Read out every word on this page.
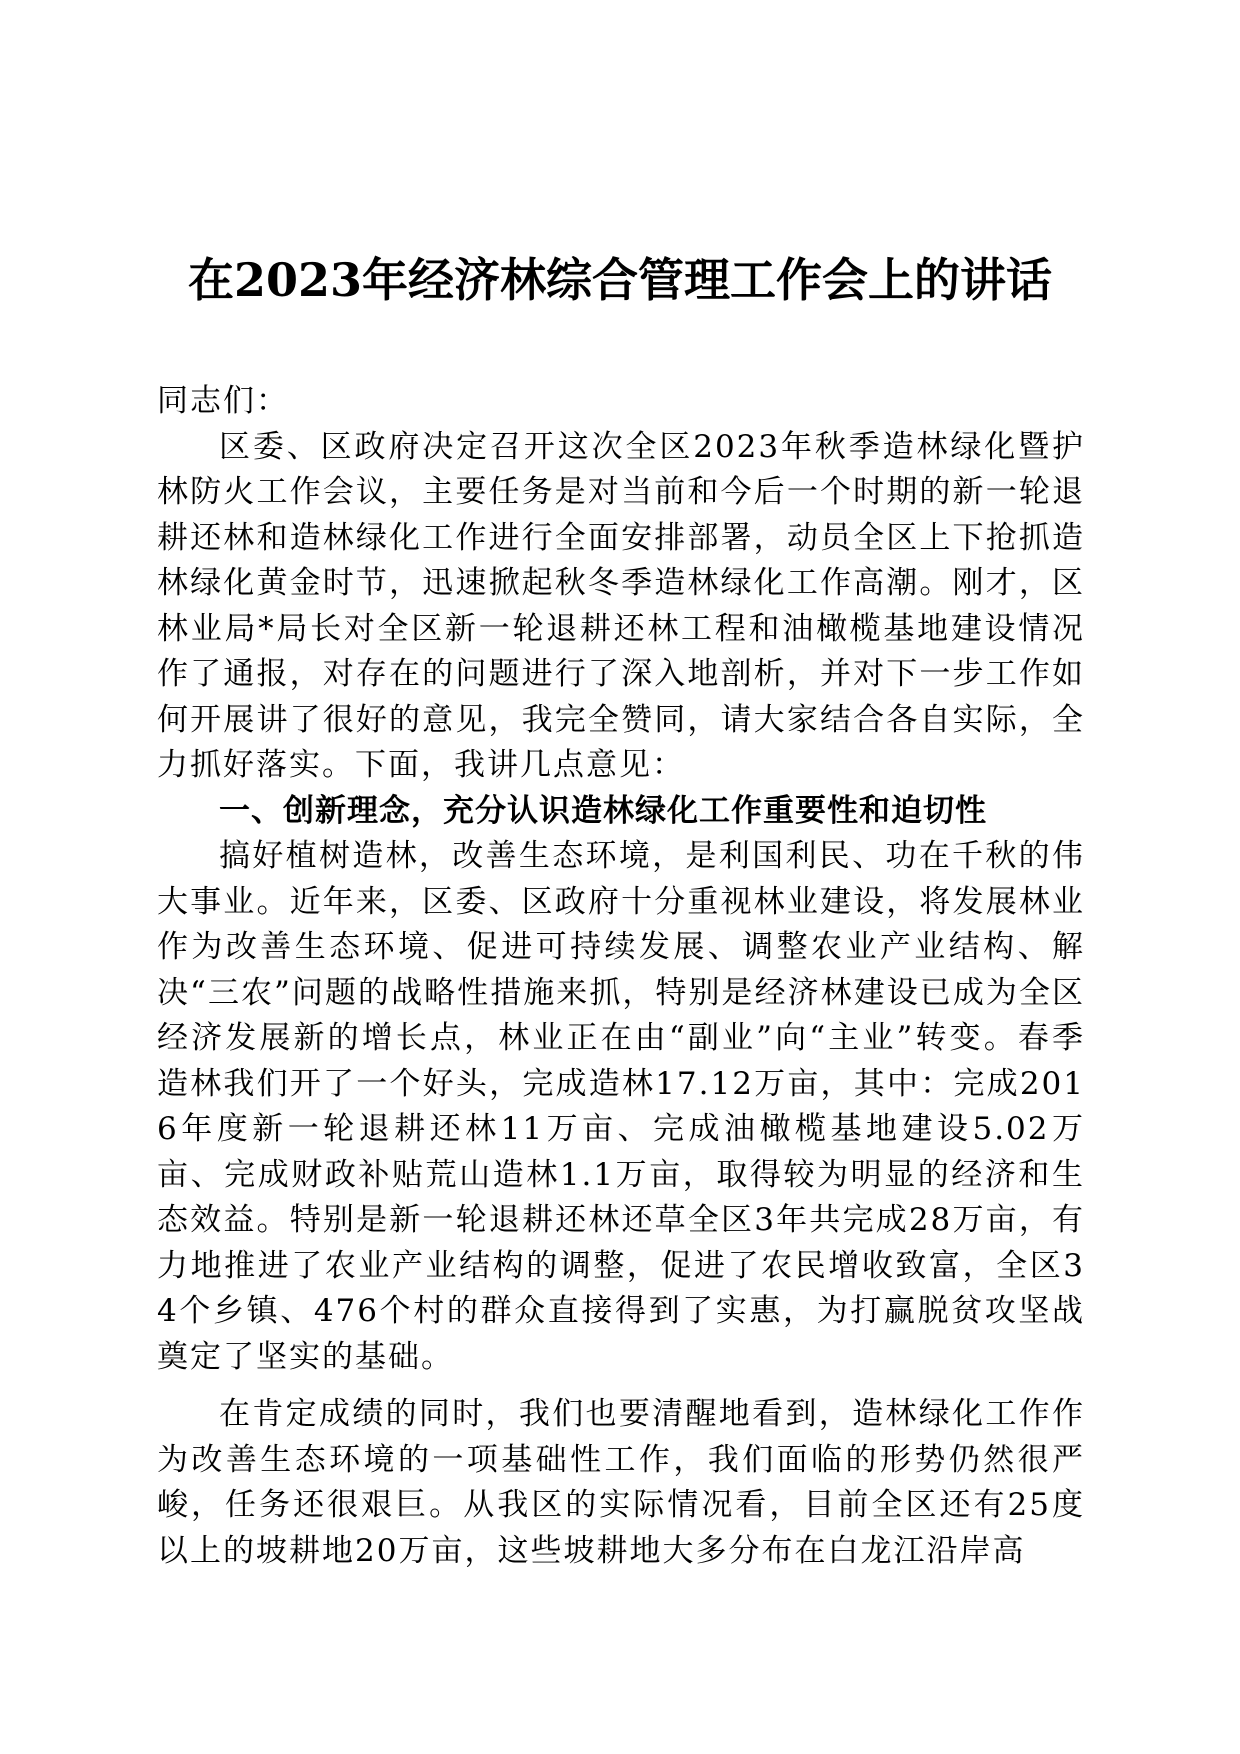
在2023年经济林综合管理工作会上的讲话

同志们：

区委、区政府决定召开这次全区2023年秋季造林绿化暨护林防火工作会议，主要任务是对当前和今后一个时期的新一轮退耕还林和造林绿化工作进行全面安排部署，动员全区上下抢抓造林绿化黄金时节，迅速掀起秋冬季造林绿化工作高潮。刚才，区林业局*局长对全区新一轮退耕还林工程和油橄榄基地建设情况作了通报，对存在的问题进行了深入地剖析，并对下一步工作如何开展讲了很好的意见，我完全赞同，请大家结合各自实际，全力抓好落实。下面，我讲几点意见：

一、创新理念，充分认识造林绿化工作重要性和迫切性

搞好植树造林，改善生态环境，是利国利民、功在千秋的伟大事业。近年来，区委、区政府十分重视林业建设，将发展林业作为改善生态环境、促进可持续发展、调整农业产业结构、解决“三农”问题的战略性措施来抓，特别是经济林建设已成为全区经济发展新的增长点，林业正在由“副业”向“主业”转变。春季造林我们开了一个好头，完成造林17.12万亩，其中：完成2016年度新一轮退耕还林11万亩、完成油橄榄基地建设5.02万亩、完成财政补贴荒山造林1.1万亩，取得较为明显的经济和生态效益。特别是新一轮退耕还林还草全区3年共完成28万亩，有力地推进了农业产业结构的调整，促进了农民增收致富，全区34个乡镇、476个村的群众直接得到了实惠，为打赢脱贫攻坚战奠定了坚实的基础。

在肯定成绩的同时，我们也要清醒地看到，造林绿化工作作为改善生态环境的一项基础性工作，我们面临的形势仍然很严峻，任务还很艰巨。从我区的实际情况看，目前全区还有25度以上的坡耕地20万亩，这些坡耕地大多分布在白龙江沿岸高
